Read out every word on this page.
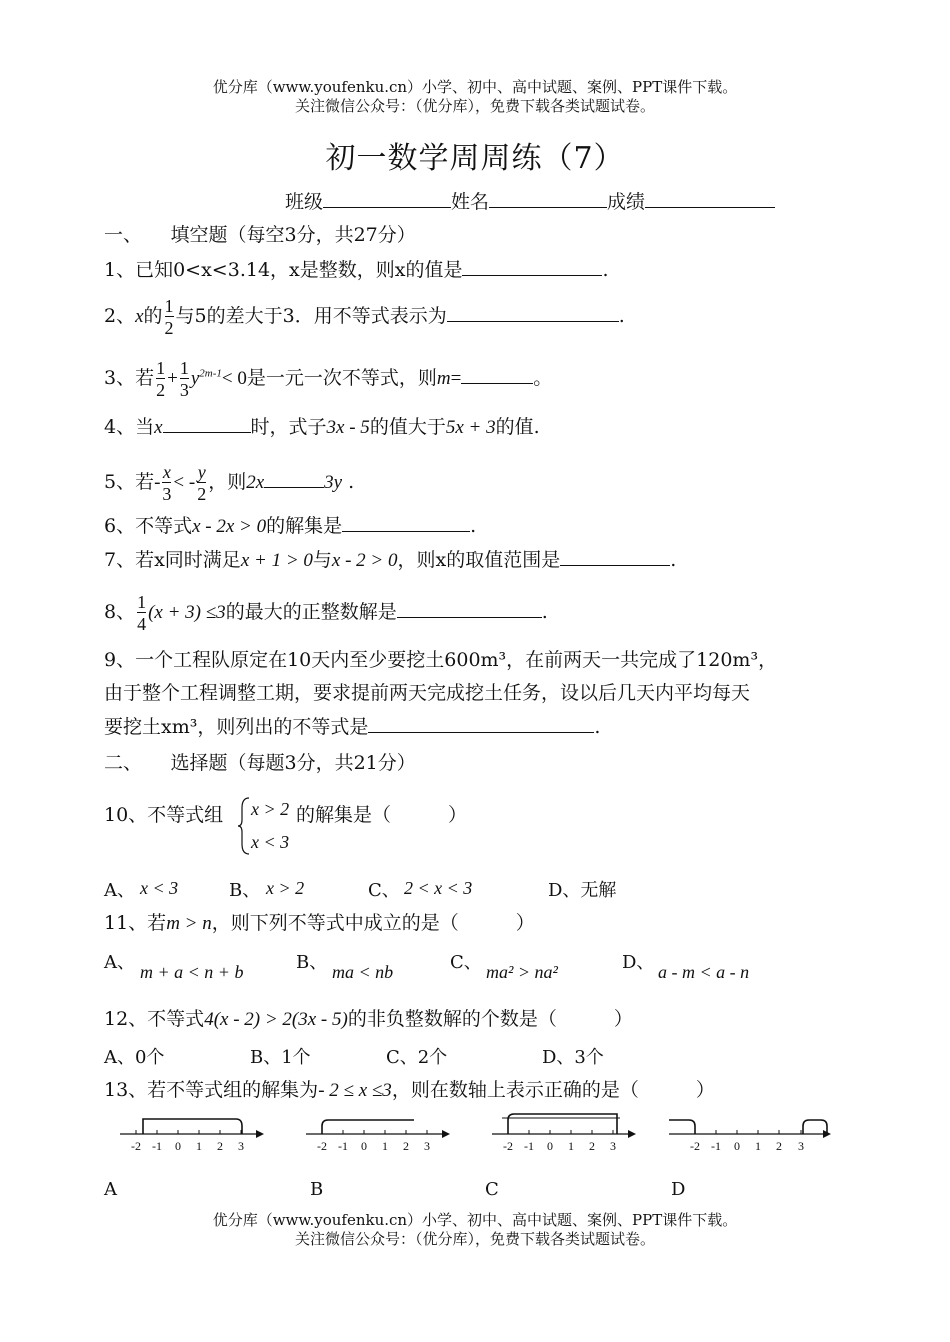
优分库（www.youfenku.cn）小学、初中、高中试题、案例、PPT课件下载。
关注微信公众号：（优分库），免费下载各类试题试卷。
初一数学周周练（7）
班级	姓名	成绩
一、　　填空题（每空3分，共27分）
1、已知0<x<3.14，x是整数，则x的值是	.
2、x的 $\frac{1}{2}$ 与5的差大于3．用不等式表示为	.
3、若 $\frac{1}{2} + \frac{1}{3} y^{2m-1}< 0$是一元一次不等式，则m=	。
4、当x	时，式子3x - 5的值大于5x + 3的值.
5、若- $\frac{x}{3}$ < - $\frac{y}{2}$ ，则2x	3y .
6、不等式x - 2x > 0的解集是	.
7、若x同时满足x + 1 > 0与x - 2 > 0，则x的取值范围是	.
8、 $\frac{1}{4} (x + 3) \le 3$的最大的正整数解是	.
9、一个工程队原定在10天内至少要挖土600m³，在前两天一共完成了120m³，
由于整个工程调整工期，要求提前两天完成挖土任务，设以后几天内平均每天
要挖土xm³，则列出的不等式是	.
二、　　选择题（每题3分，共21分）
10、不等式组 x > 2
x < 3
的解集是（　　　）
A、 x < 3	B、 x > 2	C、 2 < x < 3	D、无解
11、若m > n，则下列不等式中成立的是（　　　）
A、 m + a < n + b	B、 ma < nb	C、 ma² > na²	D、 a - m < a - n
12、不等式4(x - 2) > 2(3x - 5)的非负整数解的个数是（　　　）
A、0个	B、1个	C、2个	D、3个
13、若不等式组的解集为- 2 ≤ x ≤3，则在数轴上表示正确的是（　　　）
-2 -1 0 1 2 3	-2 -1 0 1 2 3	-2 -1 0 1 2 3	-2 -1 0 1 2 3
A	B	C	D
优分库（www.youfenku.cn）小学、初中、高中试题、案例、PPT课件下载。
关注微信公众号：（优分库），免费下载各类试题试卷。
